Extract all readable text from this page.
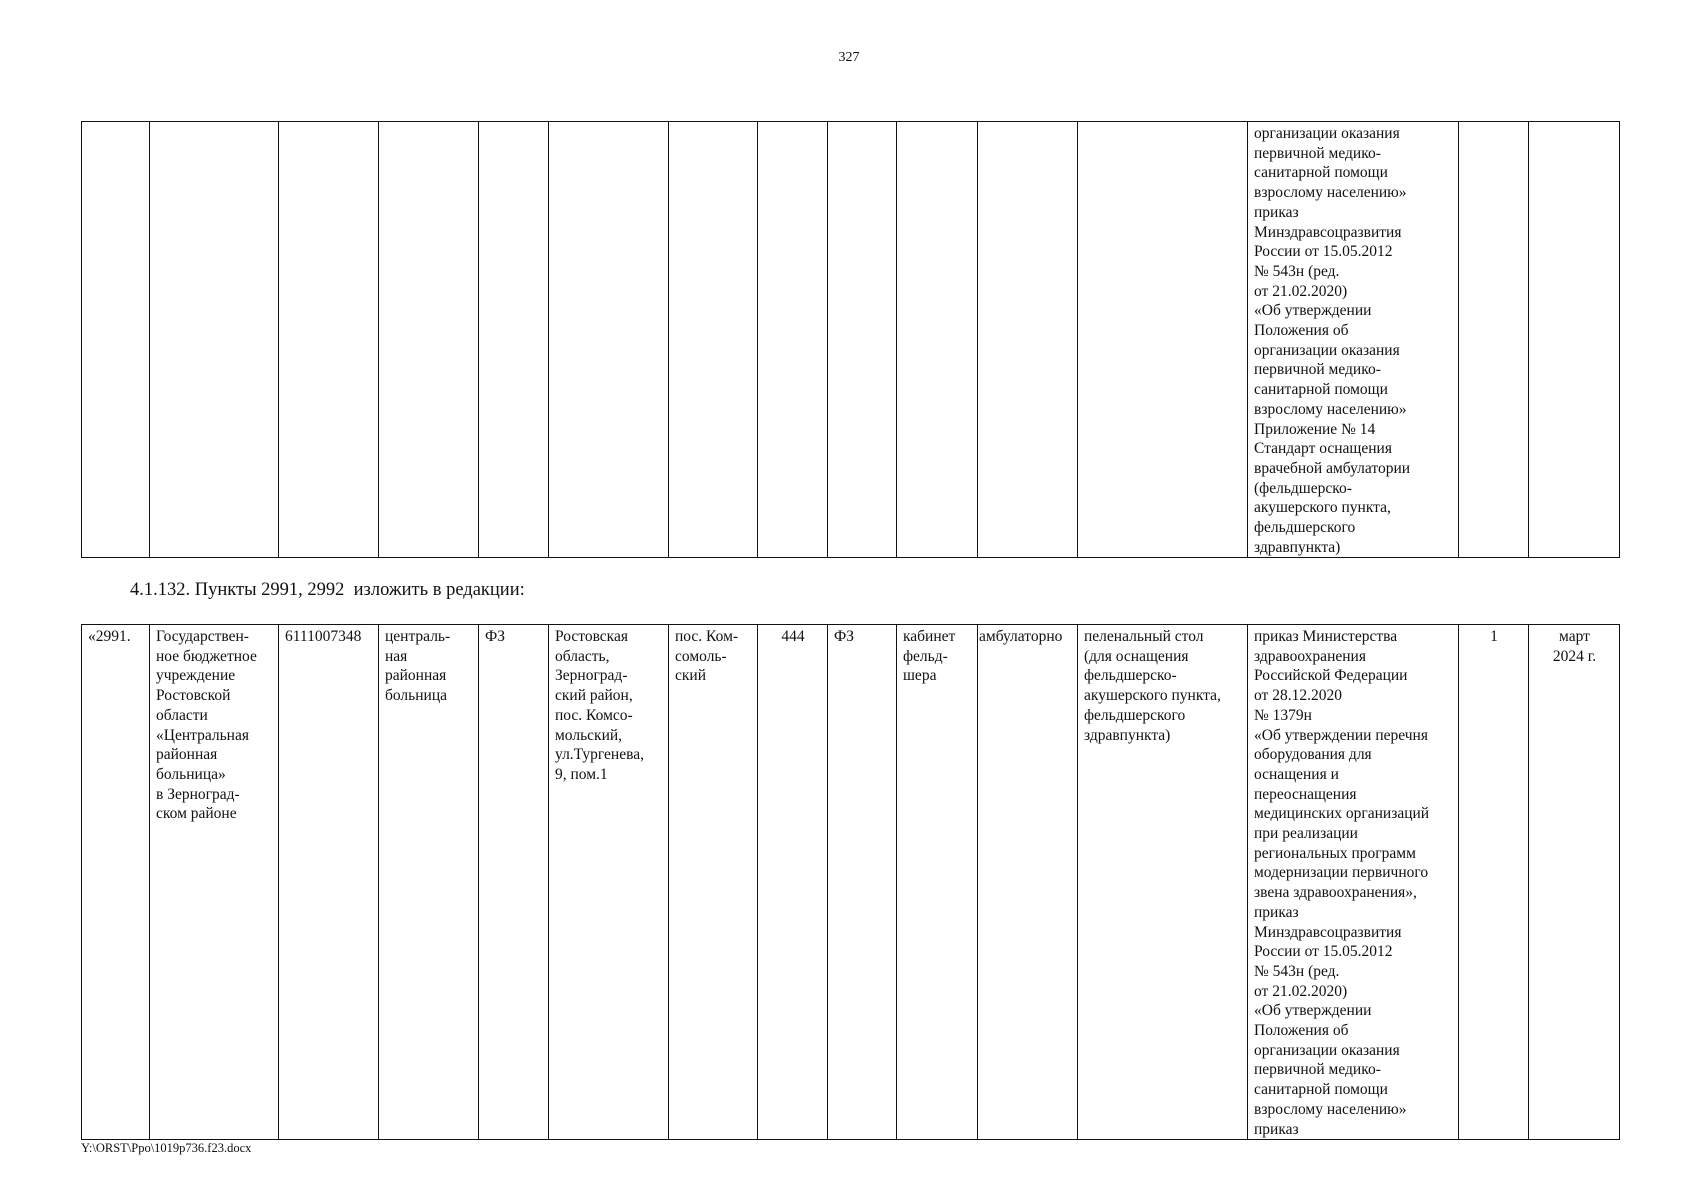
327
												организации оказания
первичной медико-
санитарной помощи
взрослому населению»
приказ
Минздравсоцразвития
России от 15.05.2012
№ 543н (ред.
от 21.02.2020)
«Об утверждении
Положения об
организации оказания
первичной медико-
санитарной помощи
взрослому населению»
Приложение № 14
Стандарт оснащения
врачебной амбулатории
(фельдшерско-
акушерского пункта,
фельдшерского
здравпункта)		
4.1.132. Пункты 2991, 2992  изложить в редакции:
«2991.	Государствен-
ное бюджетное
учреждение
Ростовской
области
«Центральная
районная
больница»
в Зерноград-
ском районе	6111007348	централь-
ная
районная
больница	ФЗ	Ростовская
область,
Зерноград-
ский район,
пос. Комсо-
мольский,
ул.Тургенева,
9, пом.1	пос. Ком-
сомоль-
ский	444	ФЗ	кабинет
фельд-
шера	амбулаторно	пеленальный стол
(для оснащения
фельдшерско-
акушерского пункта,
фельдшерского
здравпункта)	приказ Министерства
здравоохранения
Российской Федерации
от 28.12.2020
№ 1379н
«Об утверждении перечня
оборудования для
оснащения и
переоснащения
медицинских организаций
при реализации
региональных программ
модернизации первичного
звена здравоохранения»,
приказ
Минздравсоцразвития
России от 15.05.2012
№ 543н (ред.
от 21.02.2020)
«Об утверждении
Положения об
организации оказания
первичной медико-
санитарной помощи
взрослому населению»
приказ	1	март
2024 г.
Y:\ORST\Ppo\1019p736.f23.docx
